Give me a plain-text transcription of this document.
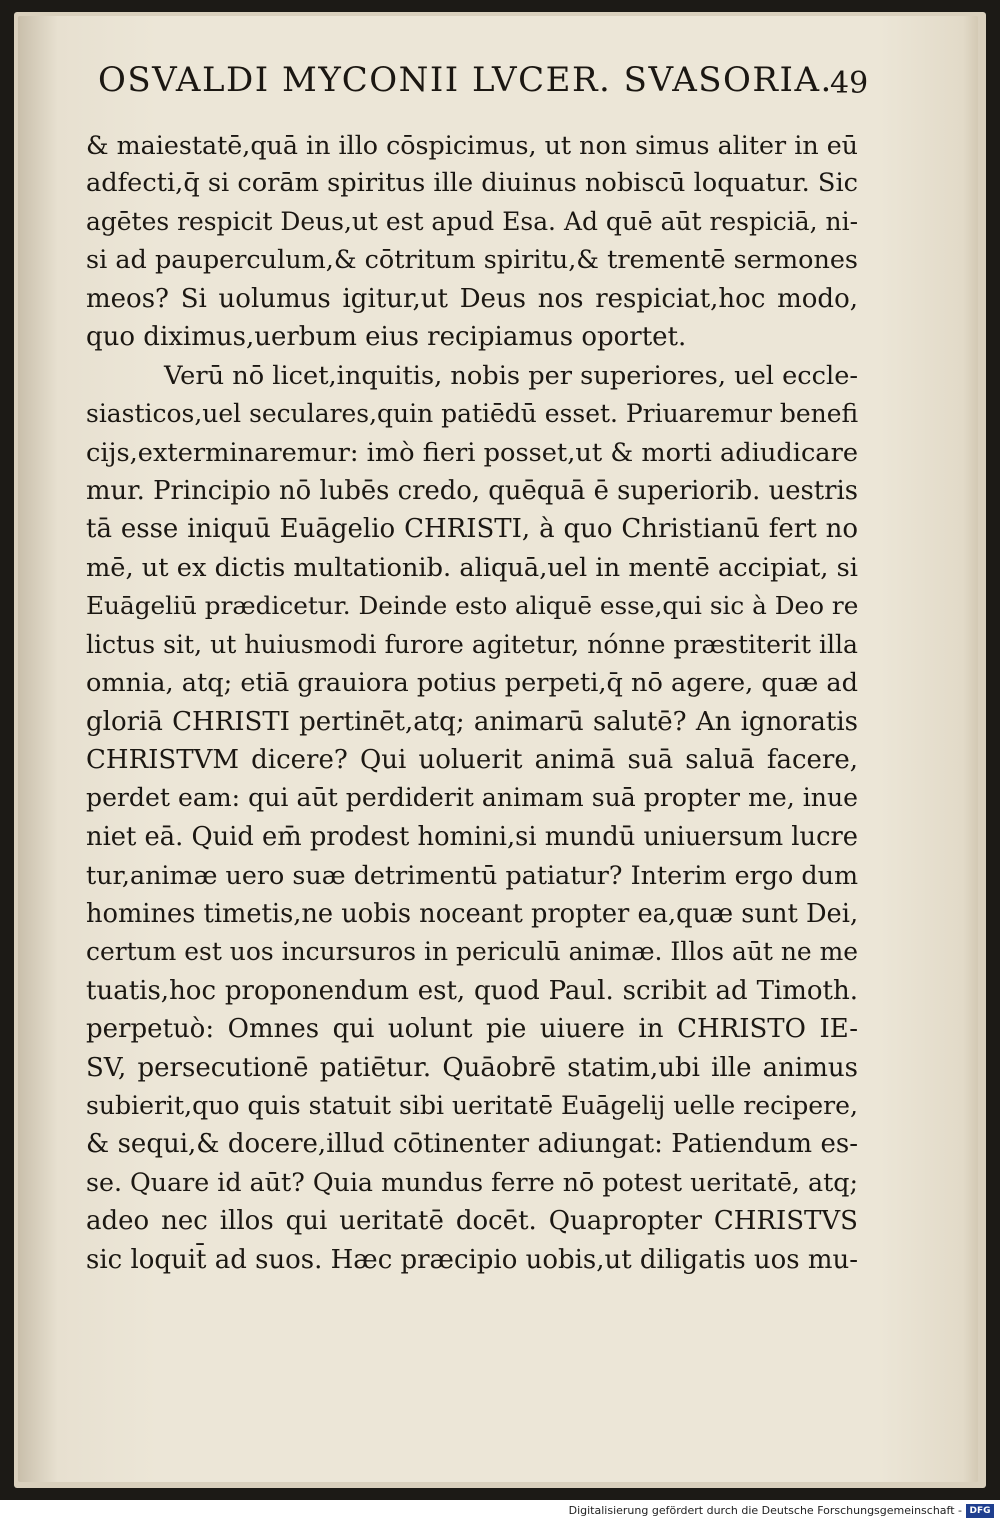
OSVALDI MYCONII LVCER. SVASORIA.
49
& maiestatē,quā in illo cōspicimus, ut non simus aliter in eū
adfecti,q̄ si corām spiritus ille diuinus nobiscū loquatur. Sic
agētes respicit Deus,ut est apud Esa. Ad quē aūt respiciā, ni-
si ad pauperculum,& cōtritum spiritu,& trementē sermones
meos? Si uolumus igitur,ut Deus nos respiciat,hoc modo,
quo diximus,uerbum eius recipiamus oportet.
Verū nō licet,inquitis, nobis per superiores, uel eccle-
siasticos,uel seculares,quin patiēdū esset. Priuaremur benefi
cijs,exterminaremur: imò fieri posset,ut & morti adiudicare
mur. Principio nō lubēs credo, quēquā ē superiorib. uestris
tā esse iniquū Euāgelio CHRISTI, à quo Christianū fert no
mē, ut ex dictis multationib. aliquā,uel in mentē accipiat, si
Euāgeliū prædicetur. Deinde esto aliquē esse,qui sic à Deo re
lictus sit, ut huiusmodi furore agitetur, nónne præstiterit illa
omnia, atq; etiā grauiora potius perpeti,q̄ nō agere, quæ ad
gloriā CHRISTI pertinēt,atq; animarū salutē? An ignoratis
CHRISTVM dicere? Qui uoluerit animā suā saluā facere,
perdet eam: qui aūt perdiderit animam suā propter me, inue
niet eā. Quid em̄ prodest homini,si mundū uniuersum lucre
tur,animæ uero suæ detrimentū patiatur? Interim ergo dum
homines timetis,ne uobis noceant propter ea,quæ sunt Dei,
certum est uos incursuros in periculū animæ. Illos aūt ne me
tuatis,hoc proponendum est, quod Paul. scribit ad Timoth.
perpetuò: Omnes qui uolunt pie uiuere in CHRISTO IE-
SV, persecutionē patiētur. Quāobrē statim,ubi ille animus
subierit,quo quis statuit sibi ueritatē Euāgelij uelle recipere,
& sequi,& docere,illud cōtinenter adiungat: Patiendum es-
se. Quare id aūt? Quia mundus ferre nō potest ueritatē, atq;
adeo nec illos qui ueritatē docēt. Quapropter CHRISTVS
sic loquit̄ ad suos. Hæc præcipio uobis,ut diligatis uos mu-
Digitalisierung gefördert durch die Deutsche Forschungsgemeinschaft - DFG
